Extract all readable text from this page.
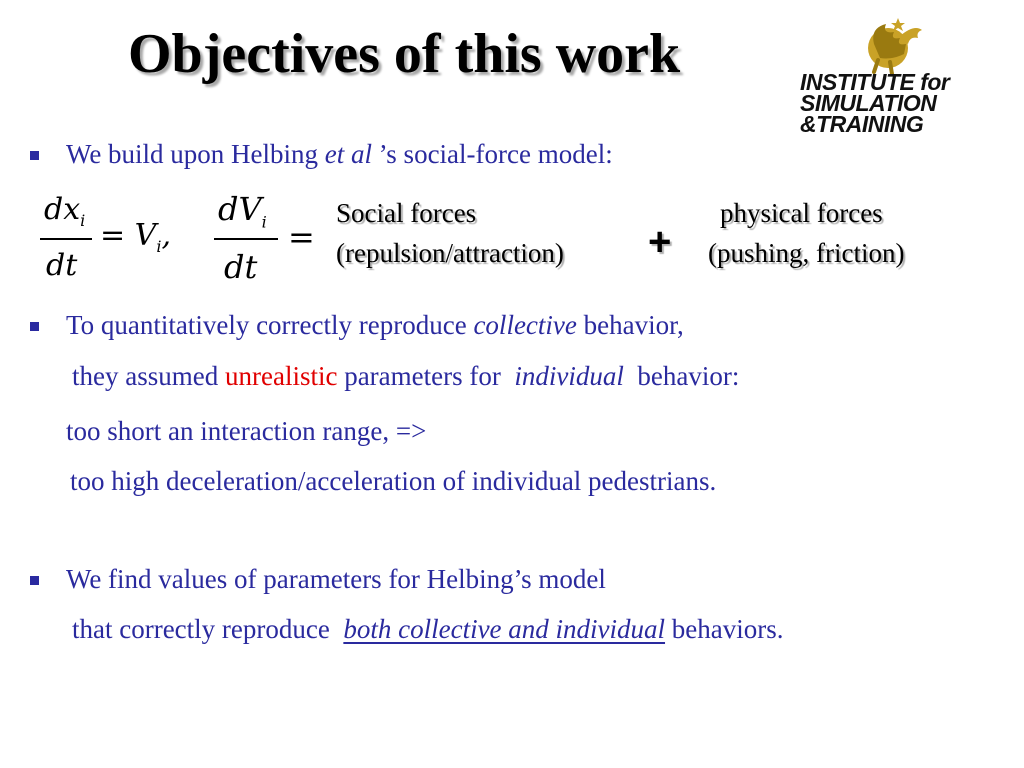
Objectives of this work	INSTITUTE for
SIMULATION
&TRAINING
We build upon Helbing et al ’s social-force model:
$dx_i$
dt
= $V_i$,
$dV_i$
dt
=
Social forces
(repulsion/attraction) +
physical forces
(pushing, friction)
To quantitatively correctly reproduce collective behavior,
they assumed unrealistic parameters for  individual  behavior:
too short an interaction range, =>
too high deceleration/acceleration of individual pedestrians.
We find values of parameters for Helbing’s model
that correctly reproduce  both collective and individual behaviors.
